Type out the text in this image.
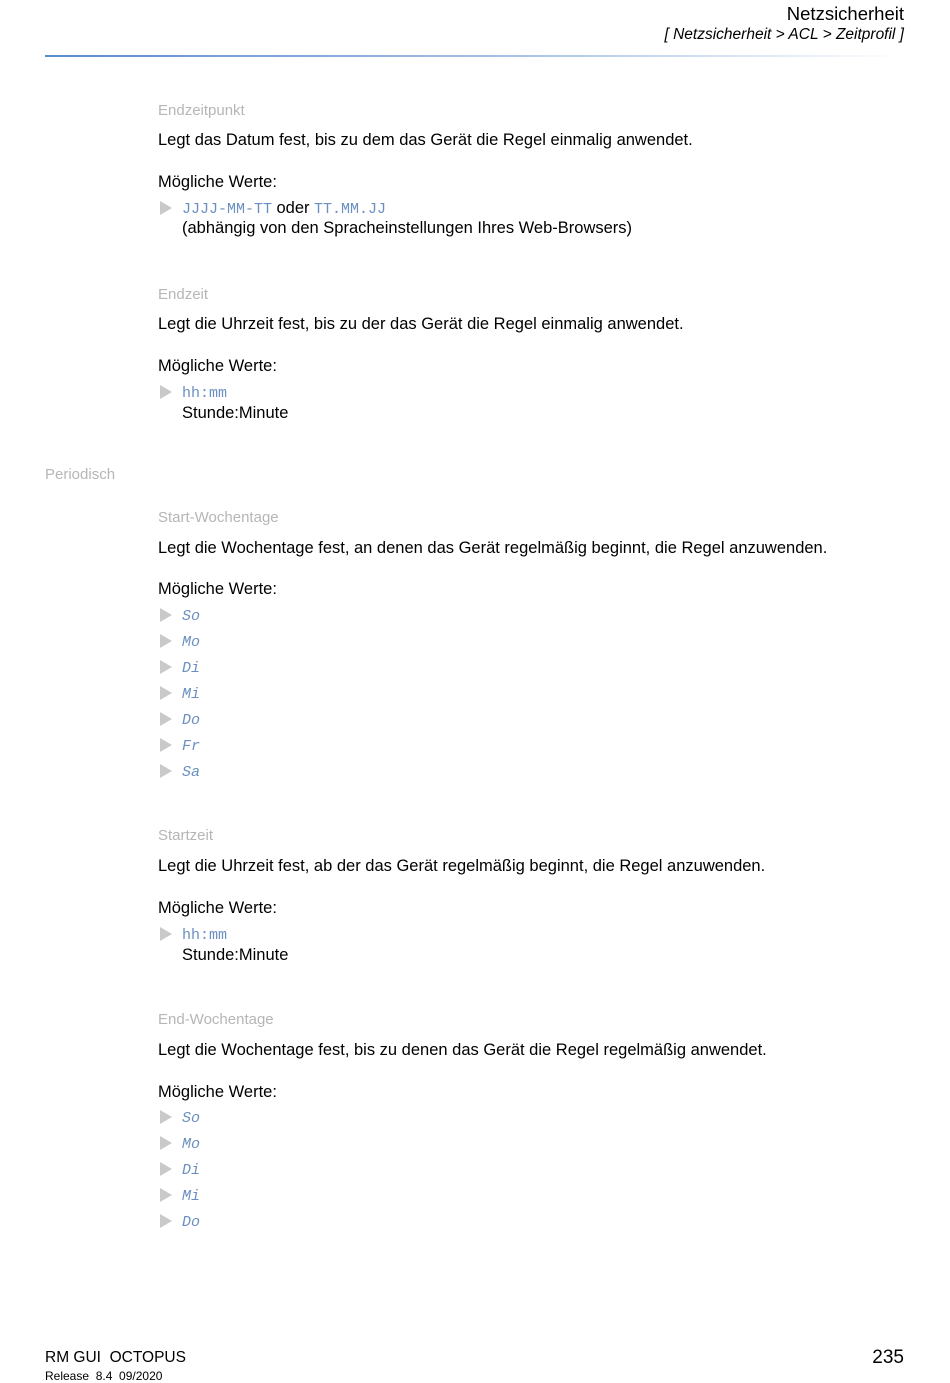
Netzsicherheit
[ Netzsicherheit > ACL > Zeitprofil ]
Endzeitpunkt
Legt das Datum fest, bis zu dem das Gerät die Regel einmalig anwendet.
Mögliche Werte:
JJJJ-MM-TT oder TT.MM.JJ
(abhängig von den Spracheinstellungen Ihres Web-Browsers)
Endzeit
Legt die Uhrzeit fest, bis zu der das Gerät die Regel einmalig anwendet.
Mögliche Werte:
hh:mm
Stunde:Minute
Periodisch
Start-Wochentage
Legt die Wochentage fest, an denen das Gerät regelmäßig beginnt, die Regel anzuwenden.
Mögliche Werte:
So
Mo
Di
Mi
Do
Fr
Sa
Startzeit
Legt die Uhrzeit fest, ab der das Gerät regelmäßig beginnt, die Regel anzuwenden.
Mögliche Werte:
hh:mm
Stunde:Minute
End-Wochentage
Legt die Wochentage fest, bis zu denen das Gerät die Regel regelmäßig anwendet.
Mögliche Werte:
So
Mo
Di
Mi
Do
RM GUI  OCTOPUS
Release  8.4  09/2020
235
